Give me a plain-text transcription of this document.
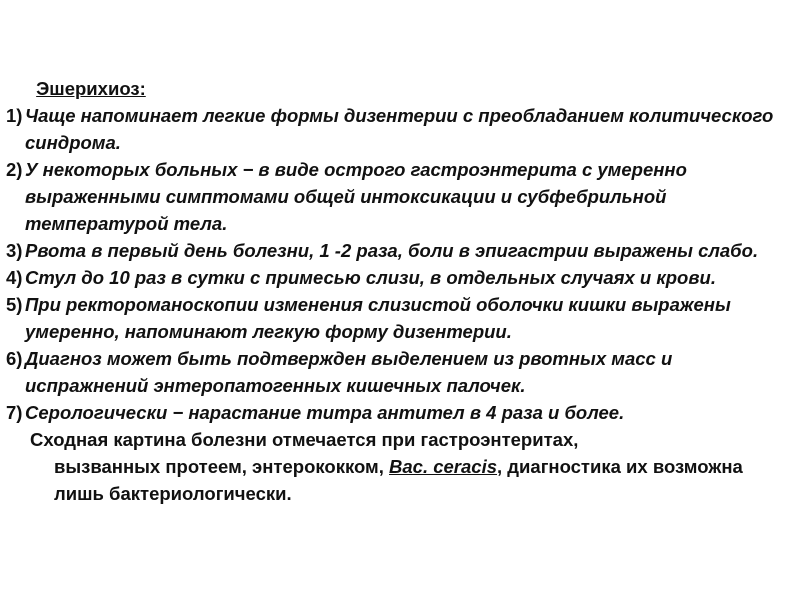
Эшерихиоз:
1) Чаще напоминает легкие формы дизентерии с преобладанием колитического синдрома.
2) У некоторых больных − в виде острого гастроэнтерита с умеренно выраженными симптомами общей интоксикации и субфебрильной температурой тела.
3) Рвота в первый день болезни, 1 -2 раза, боли в эпигастрии выражены слабо.
4) Стул до 10 раз в сутки с примесью слизи, в отдельных случаях и крови.
5) При ректороманоскопии изменения слизистой оболочки кишки выражены умеренно, напоминают легкую форму дизентерии.
6) Диагноз может быть подтвержден выделением из рвотных масс и испражнений энтеропатогенных кишечных палочек.
7) Серологически − нарастание титра антител в 4 раза и более.
Сходная картина болезни отмечается при гастроэнтеритах,
вызванных протеем, энтерококком, Bac. ceracis, диагностика их возможна лишь бактериологически.
